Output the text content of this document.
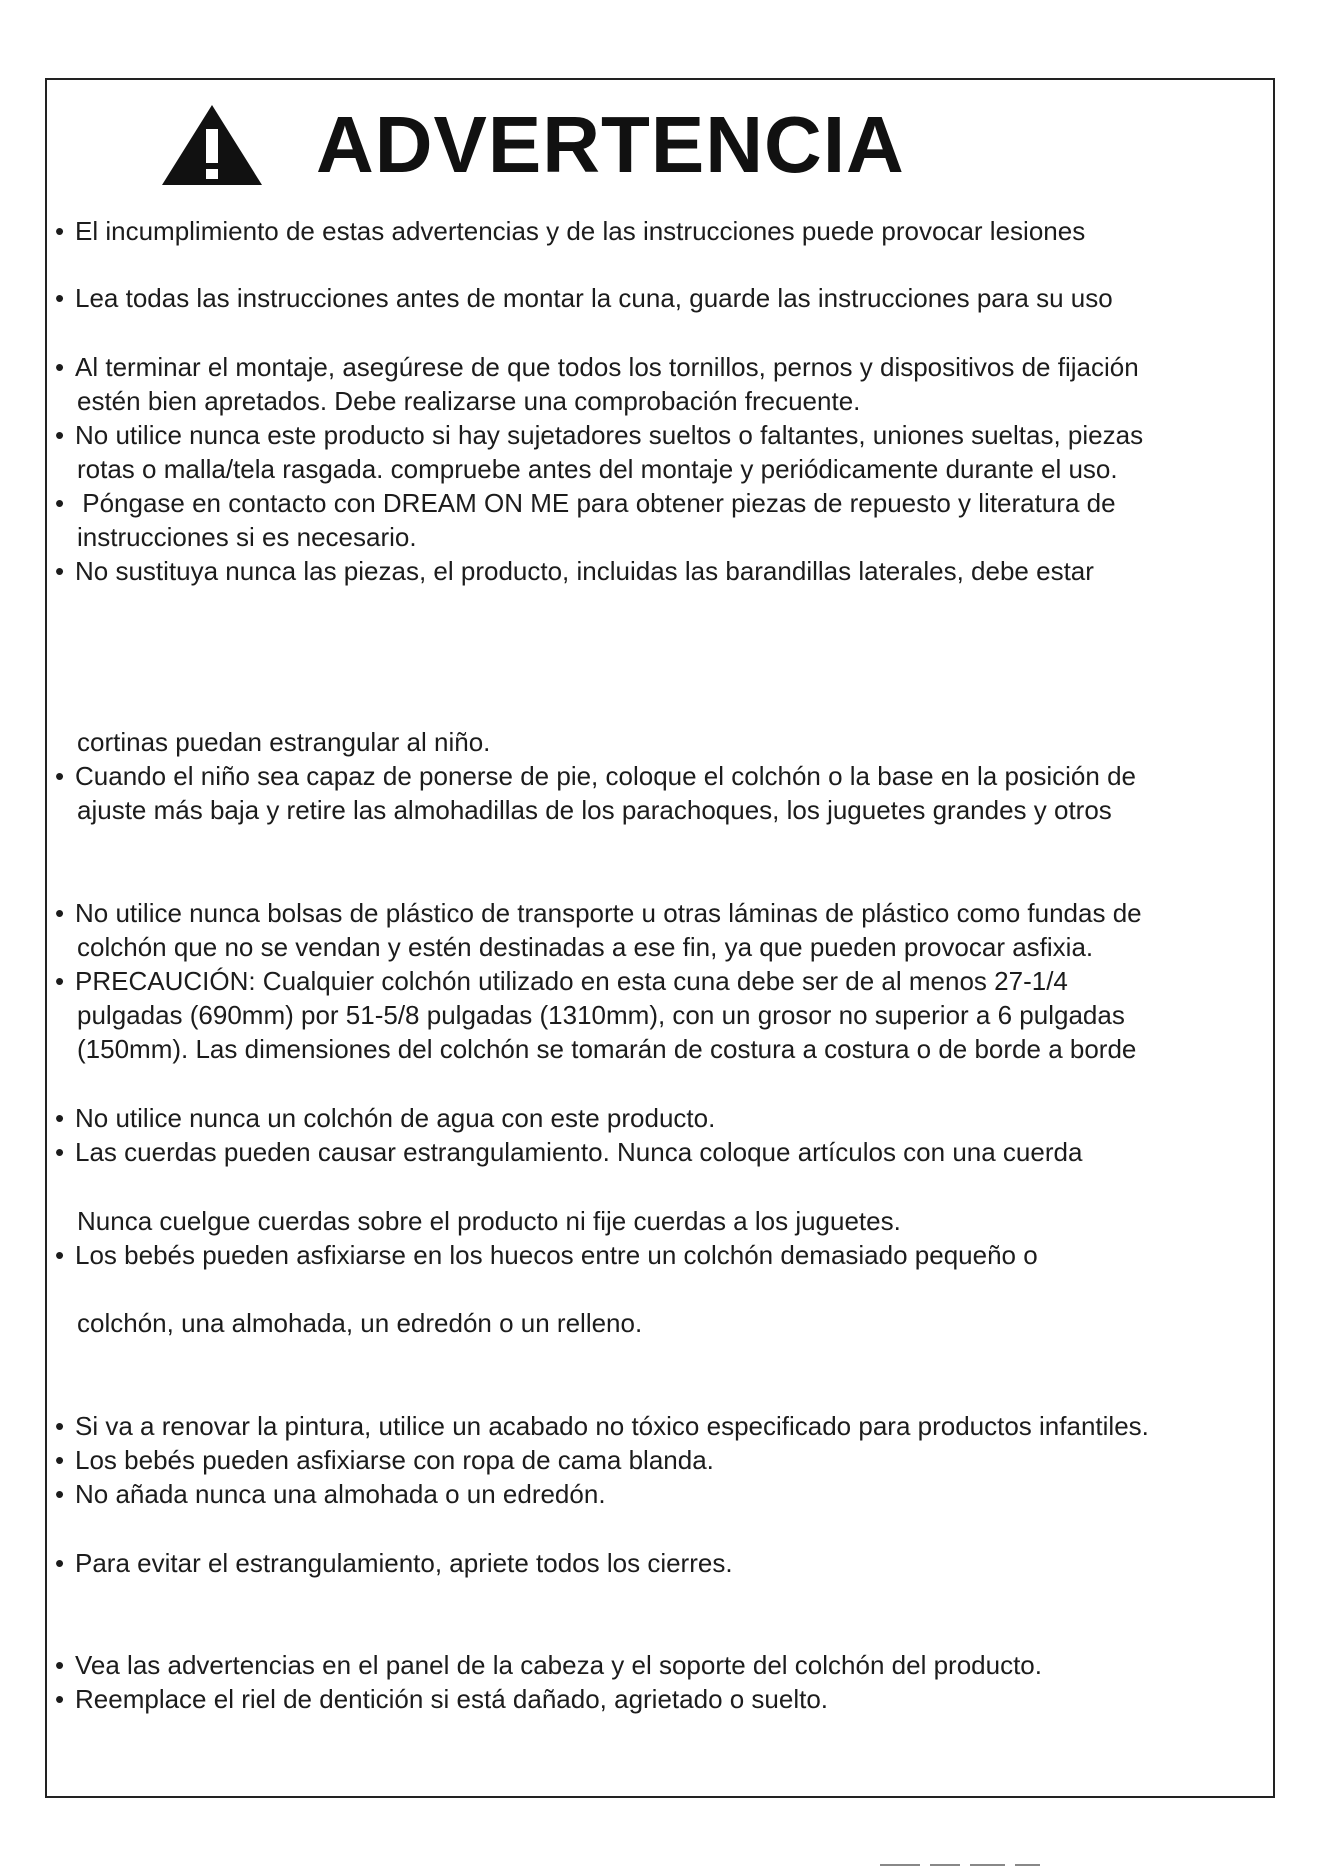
ADVERTENCIA
• El incumplimiento de estas advertencias y de las instrucciones puede provocar lesiones
• Lea todas las instrucciones antes de montar la cuna, guarde las instrucciones para su uso
• Al terminar el montaje, asegúrese de que todos los tornillos, pernos y dispositivos de fijación
estén bien apretados. Debe realizarse una comprobación frecuente.
• No utilice nunca este producto si hay sujetadores sueltos o faltantes, uniones sueltas, piezas
rotas o malla/tela rasgada. compruebe antes del montaje y periódicamente durante el uso.
• Póngase en contacto con DREAM ON ME para obtener piezas de repuesto y literatura de
instrucciones si es necesario.
• No sustituya nunca las piezas, el producto, incluidas las barandillas laterales, debe estar
cortinas puedan estrangular al niño.
• Cuando el niño sea capaz de ponerse de pie, coloque el colchón o la base en la posición de
ajuste más baja y retire las almohadillas de los parachoques, los juguetes grandes y otros
• No utilice nunca bolsas de plástico de transporte u otras láminas de plástico como fundas de
colchón que no se vendan y estén destinadas a ese fin, ya que pueden provocar asfixia.
• PRECAUCIÓN: Cualquier colchón utilizado en esta cuna debe ser de al menos 27-1/4
pulgadas (690mm) por 51-5/8 pulgadas (1310mm), con un grosor no superior a 6 pulgadas
(150mm). Las dimensiones del colchón se tomarán de costura a costura o de borde a borde
• No utilice nunca un colchón de agua con este producto.
• Las cuerdas pueden causar estrangulamiento. Nunca coloque artículos con una cuerda
Nunca cuelgue cuerdas sobre el producto ni fije cuerdas a los juguetes.
• Los bebés pueden asfixiarse en los huecos entre un colchón demasiado pequeño o
colchón, una almohada, un edredón o un relleno.
• Si va a renovar la pintura, utilice un acabado no tóxico especificado para productos infantiles.
• Los bebés pueden asfixiarse con ropa de cama blanda.
• No añada nunca una almohada o un edredón.
• Para evitar el estrangulamiento, apriete todos los cierres.
• Vea las advertencias en el panel de la cabeza y el soporte del colchón del producto.
• Reemplace el riel de dentición si está dañado, agrietado o suelto.
